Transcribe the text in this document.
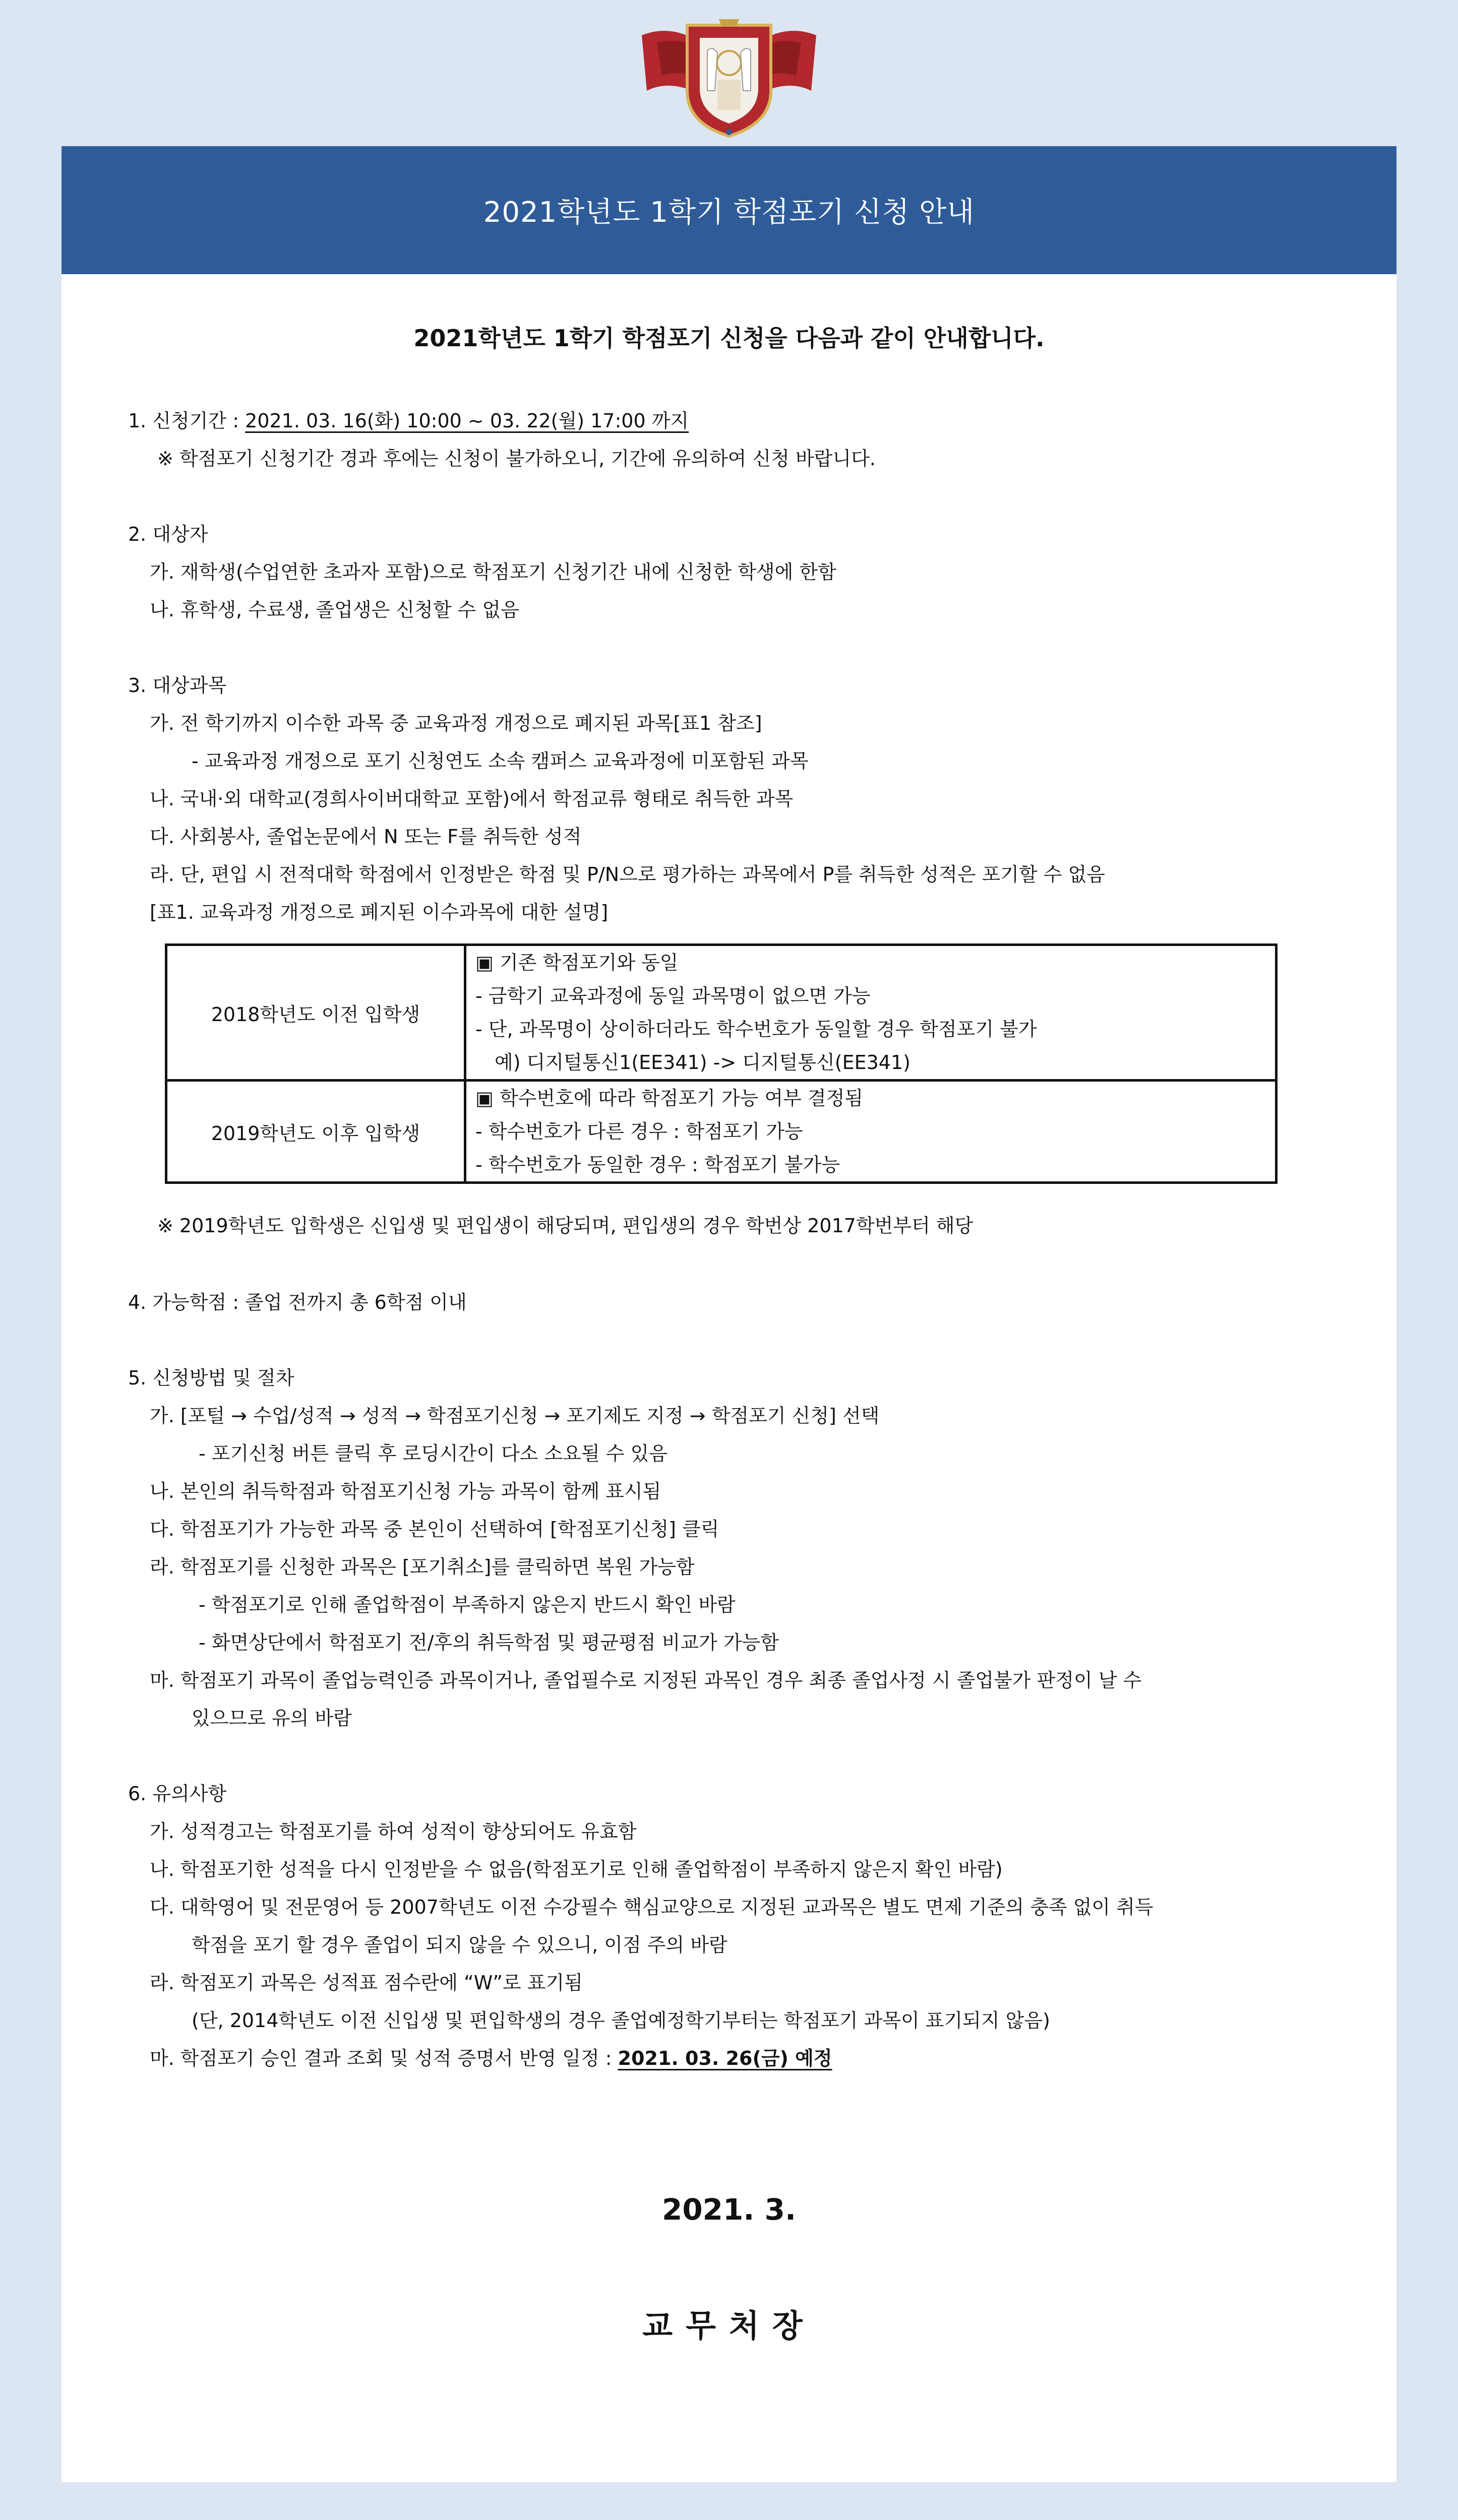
2021학년도 1학기 학점포기 신청 안내
2021학년도 1학기 학점포기 신청을 다음과 같이 안내합니다.
1. 신청기간 : 2021. 03. 16(화) 10:00 ~ 03. 22(월) 17:00 까지
※ 학점포기 신청기간 경과 후에는 신청이 불가하오니, 기간에 유의하여 신청 바랍니다.
2. 대상자
가. 재학생(수업연한 초과자 포함)으로 학점포기 신청기간 내에 신청한 학생에 한함
나. 휴학생, 수료생, 졸업생은 신청할 수 없음
3. 대상과목
가. 전 학기까지 이수한 과목 중 교육과정 개정으로 폐지된 과목[표1 참조]
- 교육과정 개정으로 포기 신청연도 소속 캠퍼스 교육과정에 미포함된 과목
나. 국내·외 대학교(경희사이버대학교 포함)에서 학점교류 형태로 취득한 과목
다. 사회봉사, 졸업논문에서 N 또는 F를 취득한 성적
라. 단, 편입 시 전적대학 학점에서 인정받은 학점 및 P/N으로 평가하는 과목에서 P를 취득한 성적은 포기할 수 없음
[표1. 교육과정 개정으로 폐지된 이수과목에 대한 설명]
2018학년도 이전 입학생	▣ 기존 학점포기와 동일
- 금학기 교육과정에 동일 과목명이 없으면 가능
- 단, 과목명이 상이하더라도 학수번호가 동일할 경우 학점포기 불가
예) 디지털통신1(EE341) -> 디지털통신(EE341)

2019학년도 이후 입학생	▣ 학수번호에 따라 학점포기 가능 여부 결정됨
- 학수번호가 다른 경우 : 학점포기 가능
- 학수번호가 동일한 경우 : 학점포기 불가능
※ 2019학년도 입학생은 신입생 및 편입생이 해당되며, 편입생의 경우 학번상 2017학번부터 해당
4. 가능학점 : 졸업 전까지 총 6학점 이내
5. 신청방법 및 절차
가. [포털 → 수업/성적 → 성적 → 학점포기신청 → 포기제도 지정 → 학점포기 신청] 선택
- 포기신청 버튼 클릭 후 로딩시간이 다소 소요될 수 있음
나. 본인의 취득학점과 학점포기신청 가능 과목이 함께 표시됨
다. 학점포기가 가능한 과목 중 본인이 선택하여 [학점포기신청] 클릭
라. 학점포기를 신청한 과목은 [포기취소]를 클릭하면 복원 가능함
- 학점포기로 인해 졸업학점이 부족하지 않은지 반드시 확인 바람
- 화면상단에서 학점포기 전/후의 취득학점 및 평균평점 비교가 가능함
마. 학점포기 과목이 졸업능력인증 과목이거나, 졸업필수로 지정된 과목인 경우 최종 졸업사정 시 졸업불가 판정이 날 수
있으므로 유의 바람
6. 유의사항
가. 성적경고는 학점포기를 하여 성적이 향상되어도 유효함
나. 학점포기한 성적을 다시 인정받을 수 없음(학점포기로 인해 졸업학점이 부족하지 않은지 확인 바람)
다. 대학영어 및 전문영어 등 2007학년도 이전 수강필수 핵심교양으로 지정된 교과목은 별도 면제 기준의 충족 없이 취득
학점을 포기 할 경우 졸업이 되지 않을 수 있으니, 이점 주의 바람
라. 학점포기 과목은 성적표 점수란에 “W”로 표기됨
(단, 2014학년도 이전 신입생 및 편입학생의 경우 졸업예정학기부터는 학점포기 과목이 표기되지 않음)
마. 학점포기 승인 결과 조회 및 성적 증명서 반영 일정 : 2021. 03. 26(금) 예정
2021. 3.
교무처장
